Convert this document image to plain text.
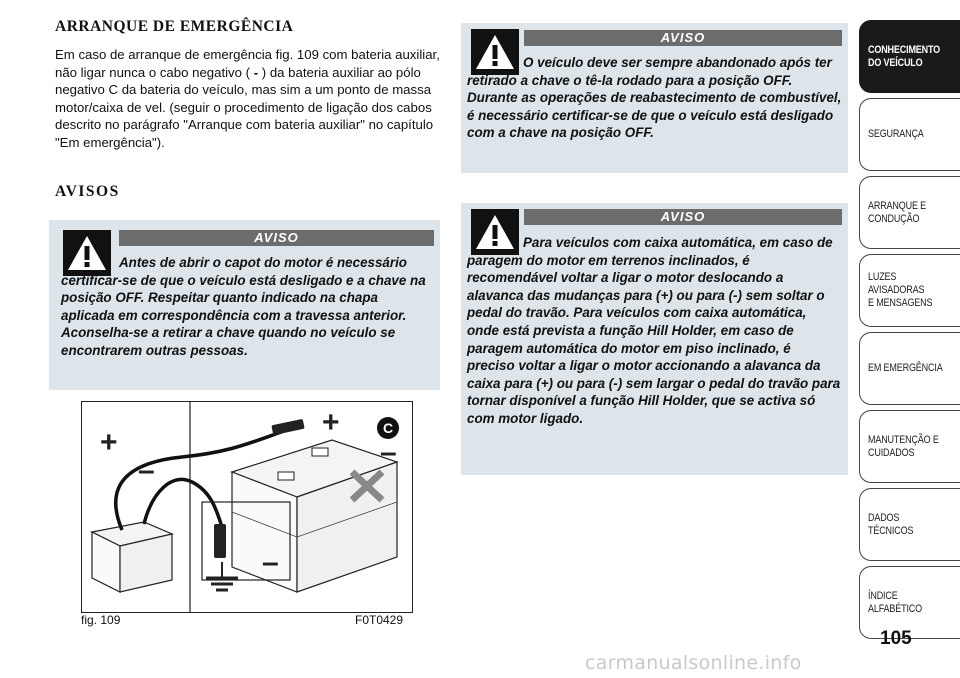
ARRANQUE DE EMERGÊNCIA

Em caso de arranque de emergência fig. 109 com bateria auxiliar, não ligar nunca o cabo negativo ( - ) da bateria auxiliar ao pólo negativo C da bateria do veículo, mas sim a um ponto de massa motor/caixa de vel. (seguir o procedimento de ligação dos cabos descrito no parágrafo "Arranque com bateria auxiliar" no capítulo "Em emergência").

AVISOS
AVISO

Antes de abrir o capot do motor é necessário certificar-se de que o veículo está desligado e a chave na posição OFF. Respeitar quanto indicado na chapa aplicada em correspondência com a travessa anterior. Aconselha-se a retirar a chave quando no veículo se encontrarem outras pessoas.

AVISO

O veículo deve ser sempre abandonado após ter retirado a chave o tê-la rodado para a posição OFF. Durante as operações de reabastecimento de combustível, é necessário certificar-se de que o veículo está desligado com a chave na posição OFF.

AVISO

Para veículos com caixa automática, em caso de paragem do motor em terrenos inclinados, é recomendável voltar a ligar o motor deslocando a alavanca das mudanças para (+) ou para (-) sem soltar o pedal do travão. Para veículos com caixa automática, onde está prevista a função Hill Holder, em caso de paragem automática do motor em piso inclinado, é preciso voltar a ligar o motor accionando a alavanca da caixa para (+) ou para (-) sem largar o pedal do travão para tornar disponível a função Hill Holder, que se activa só com motor ligado.

C
+
–
+
–
–
fig. 109	F0T0429
CONHECIMENTO
DO VEÍCULO
SEGURANÇA
ARRANQUE E
CONDUÇÃO
LUZES AVISADORAS
E MENSAGENS
EM EMERGÊNCIA
MANUTENÇÃO E
CUIDADOS
DADOS TÉCNICOS
ÍNDICE ALFABÉTICO
105
carmanualsonline.info
